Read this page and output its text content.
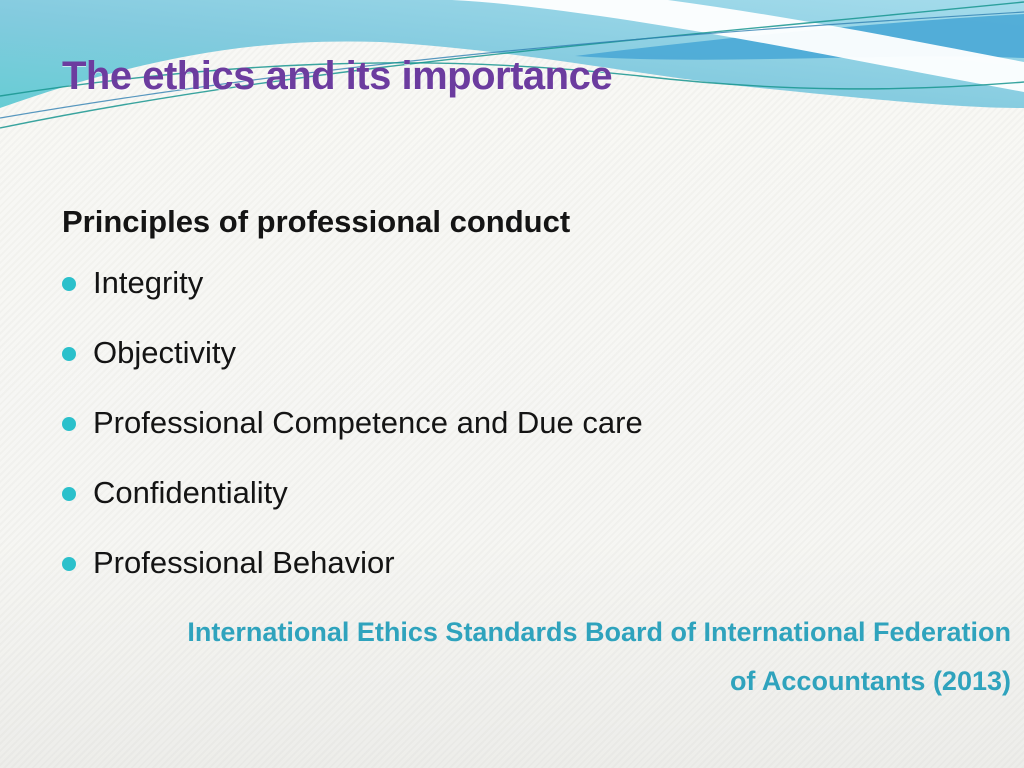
The ethics and its importance
Principles of professional conduct
Integrity
Objectivity
Professional Competence and Due care
Confidentiality
Professional Behavior
International Ethics Standards Board of International Federation
of Accountants (2013)
